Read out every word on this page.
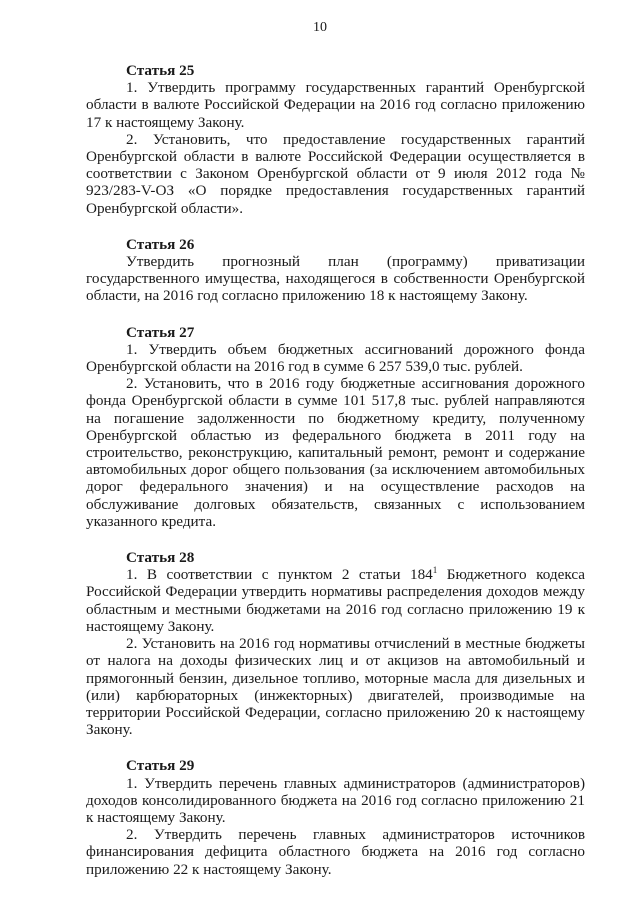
10

Статья 25

1. Утвердить программу государственных гарантий Оренбургской области в валюте Российской Федерации на 2016 год согласно приложению 17 к настоящему Закону.

2. Установить, что предоставление государственных гарантий Оренбургской области в валюте Российской Федерации осуществляется в соответствии с Законом Оренбургской области от 9 июля 2012 года № 923/283-V-ОЗ «О порядке предоставления государственных гарантий Оренбургской области».

Статья 26

Утвердить прогнозный план (программу) приватизации государственного имущества, находящегося в собственности Оренбургской области, на 2016 год согласно приложению 18 к настоящему Закону.

Статья 27

1. Утвердить объем бюджетных ассигнований дорожного фонда Оренбургской области на 2016 год в сумме 6 257 539,0 тыс. рублей.

2. Установить, что в 2016 году бюджетные ассигнования дорожного фонда Оренбургской области в сумме 101 517,8 тыс. рублей направляются на погашение задолженности по бюджетному кредиту, полученному Оренбургской областью из федерального бюджета в 2011 году на строительство, реконструкцию, капитальный ремонт, ремонт и содержание автомобильных дорог общего пользования (за исключением автомобильных дорог федерального значения) и на осуществление расходов на обслуживание долговых обязательств, связанных с использованием указанного кредита.

Статья 28

1. В соответствии с пунктом 2 статьи $184^1$ Бюджетного кодекса Российской Федерации утвердить нормативы распределения доходов между областным и местными бюджетами на 2016 год согласно приложению 19 к настоящему Закону.

2. Установить на 2016 год нормативы отчислений в местные бюджеты от налога на доходы физических лиц и от акцизов на автомобильный и прямогонный бензин, дизельное топливо, моторные масла для дизельных и (или) карбюраторных (инжекторных) двигателей, производимые на территории Российской Федерации, согласно приложению 20 к настоящему Закону.

Статья 29

1. Утвердить перечень главных администраторов (администраторов) доходов консолидированного бюджета на 2016 год согласно приложению 21 к настоящему Закону.

2. Утвердить перечень главных администраторов источников финансирования дефицита областного бюджета на 2016 год согласно приложению 22 к настоящему Закону.
